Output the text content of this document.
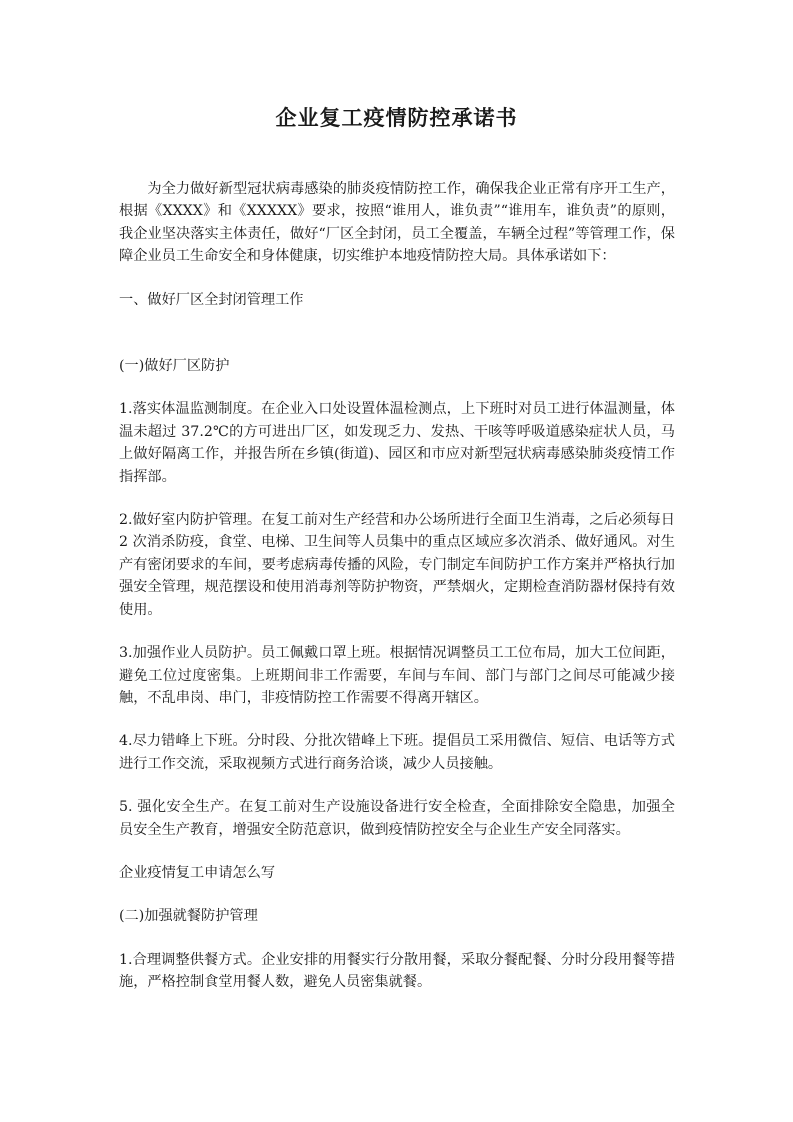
企业复工疫情防控承诺书

为全力做好新型冠状病毒感染的肺炎疫情防控工作，确保我企业正常有序开工生产，根据《XXXX》和《XXXXX》要求，按照“谁用人，谁负责”“谁用车，谁负责”的原则，我企业坚决落实主体责任，做好“厂区全封闭，员工全覆盖，车辆全过程”等管理工作，保障企业员工生命安全和身体健康，切实维护本地疫情防控大局。具体承诺如下：

一、做好厂区全封闭管理工作

(一)做好厂区防护

1.落实体温监测制度。在企业入口处设置体温检测点，上下班时对员工进行体温测量，体温未超过 37.2℃的方可进出厂区，如发现乏力、发热、干咳等呼吸道感染症状人员，马上做好隔离工作，并报告所在乡镇(街道)、园区和市应对新型冠状病毒感染肺炎疫情工作指挥部。

2.做好室内防护管理。在复工前对生产经营和办公场所进行全面卫生消毒，之后必须每日 2 次消杀防疫，食堂、电梯、卫生间等人员集中的重点区域应多次消杀、做好通风。对生产有密闭要求的车间，要考虑病毒传播的风险，专门制定车间防护工作方案并严格执行加强安全管理，规范摆设和使用消毒剂等防护物资，严禁烟火，定期检查消防器材保持有效使用。

3.加强作业人员防护。员工佩戴口罩上班。根据情况调整员工工位布局，加大工位间距，避免工位过度密集。上班期间非工作需要，车间与车间、部门与部门之间尽可能减少接触，不乱串岗、串门，非疫情防控工作需要不得离开辖区。

4.尽力错峰上下班。分时段、分批次错峰上下班。提倡员工采用微信、短信、电话等方式进行工作交流，采取视频方式进行商务洽谈，减少人员接触。

5. 强化安全生产。在复工前对生产设施设备进行安全检查，全面排除安全隐患，加强全员安全生产教育，增强安全防范意识，做到疫情防控安全与企业生产安全同落实。

企业疫情复工申请怎么写

(二)加强就餐防护管理

1.合理调整供餐方式。企业安排的用餐实行分散用餐，采取分餐配餐、分时分段用餐等措施，严格控制食堂用餐人数，避免人员密集就餐。
